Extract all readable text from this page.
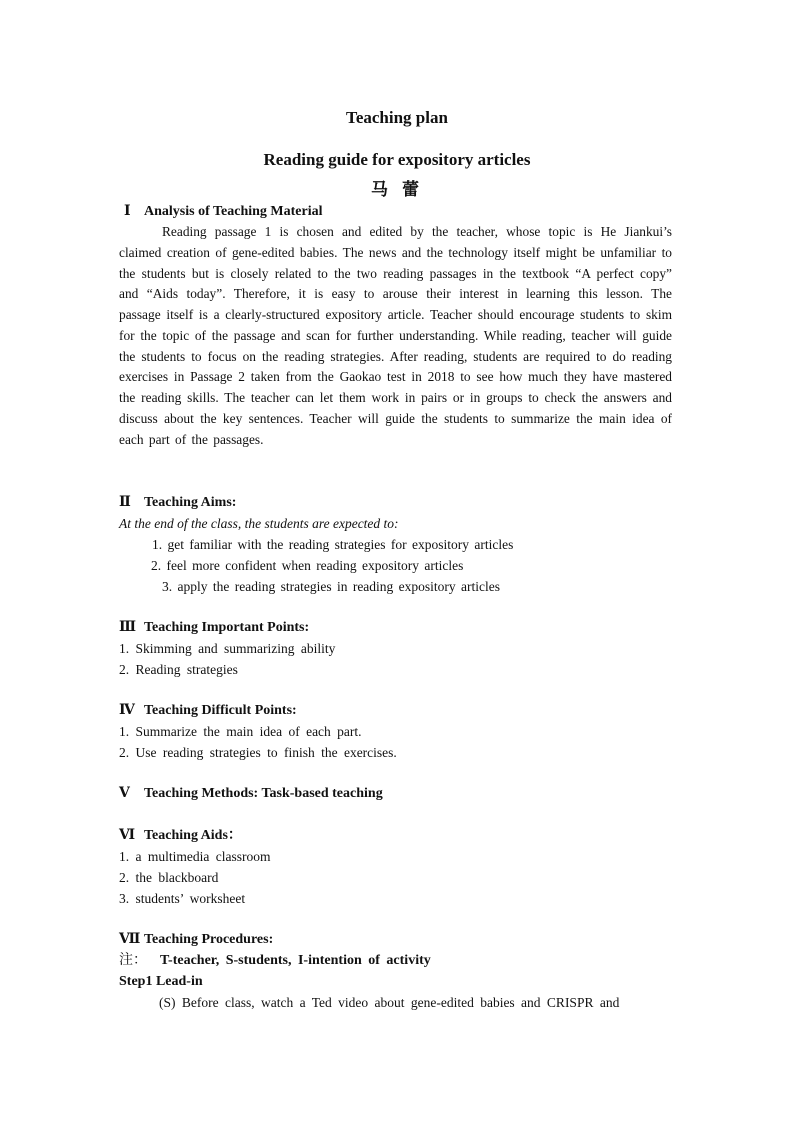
Teaching plan
Reading guide for expository articles
马 蕾
Ⅰ Analysis of Teaching Material
Reading passage 1 is chosen and edited by the teacher, whose topic is He Jiankui’s claimed creation of gene-edited babies. The news and the technology itself might be unfamiliar to the students but is closely related to the two reading passages in the textbook “A perfect copy” and “Aids today”. Therefore, it is easy to arouse their interest in learning this lesson. The passage itself is a clearly-structured expository article. Teacher should encourage students to skim for the topic of the passage and scan for further understanding. While reading, teacher will guide the students to focus on the reading strategies. After reading, students are required to do reading exercises in Passage 2 taken from the Gaokao test in 2018 to see how much they have mastered the reading skills. The teacher can let them work in pairs or in groups to check the answers and discuss about the key sentences. Teacher will guide the students to summarize the main idea of each part of the passages.
Ⅱ Teaching Aims:
At the end of the class, the students are expected to:
1. get familiar with the reading strategies for expository articles
2. feel more confident when reading expository articles
3. apply the reading strategies in reading expository articles
Ⅲ Teaching Important Points:
1. Skimming and summarizing ability
2. Reading strategies
Ⅳ Teaching Difficult Points:
1. Summarize the main idea of each part.
2. Use reading strategies to finish the exercises.
Ⅴ Teaching Methods: Task-based teaching
Ⅵ Teaching Aids：
1. a multimedia classroom
2. the blackboard
3. students’ worksheet
Ⅶ Teaching Procedures:
注： T-teacher, S-students, I-intention of activity
Step1 Lead-in
(S) Before class, watch a Ted video about gene-edited babies and CRISPR and
